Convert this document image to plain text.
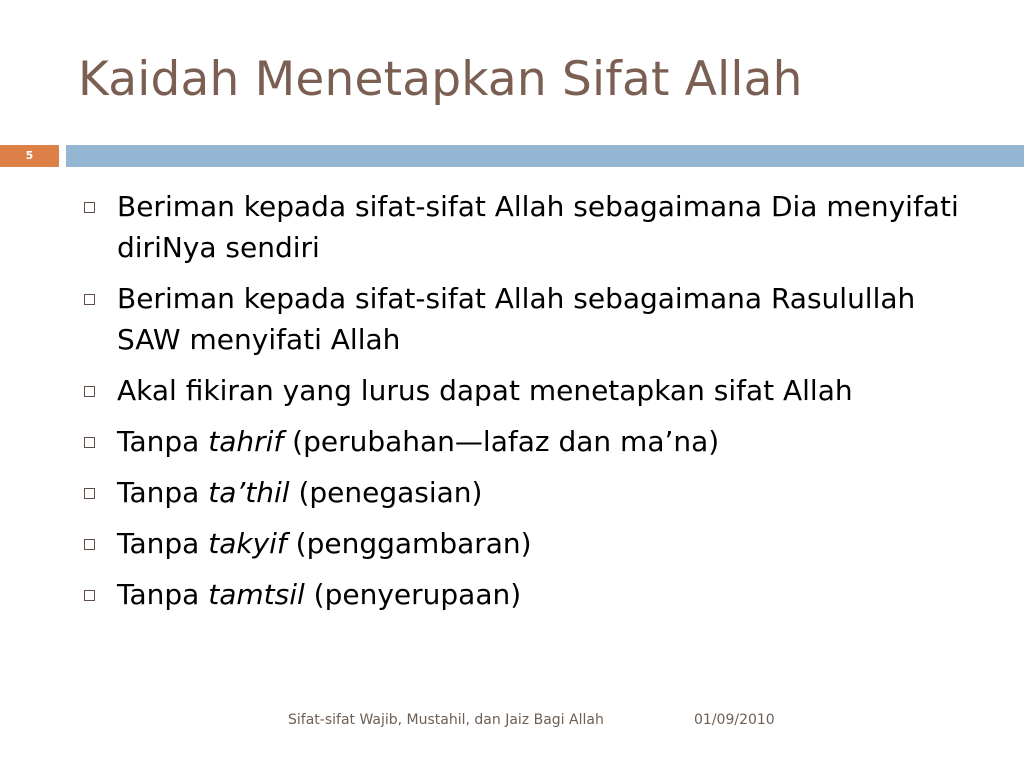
Kaidah Menetapkan Sifat Allah
5
Beriman kepada sifat-sifat Allah sebagaimana Dia menyifati diriNya sendiri
Beriman kepada sifat-sifat Allah sebagaimana Rasulullah SAW menyifati Allah
Akal fikiran yang lurus dapat menetapkan sifat Allah
Tanpa tahrif (perubahan—lafaz dan ma’na)
Tanpa ta’thil (penegasian)
Tanpa takyif (penggambaran)
Tanpa tamtsil (penyerupaan)
Sifat-sifat Wajib, Mustahil, dan Jaiz Bagi Allah	01/09/2010
